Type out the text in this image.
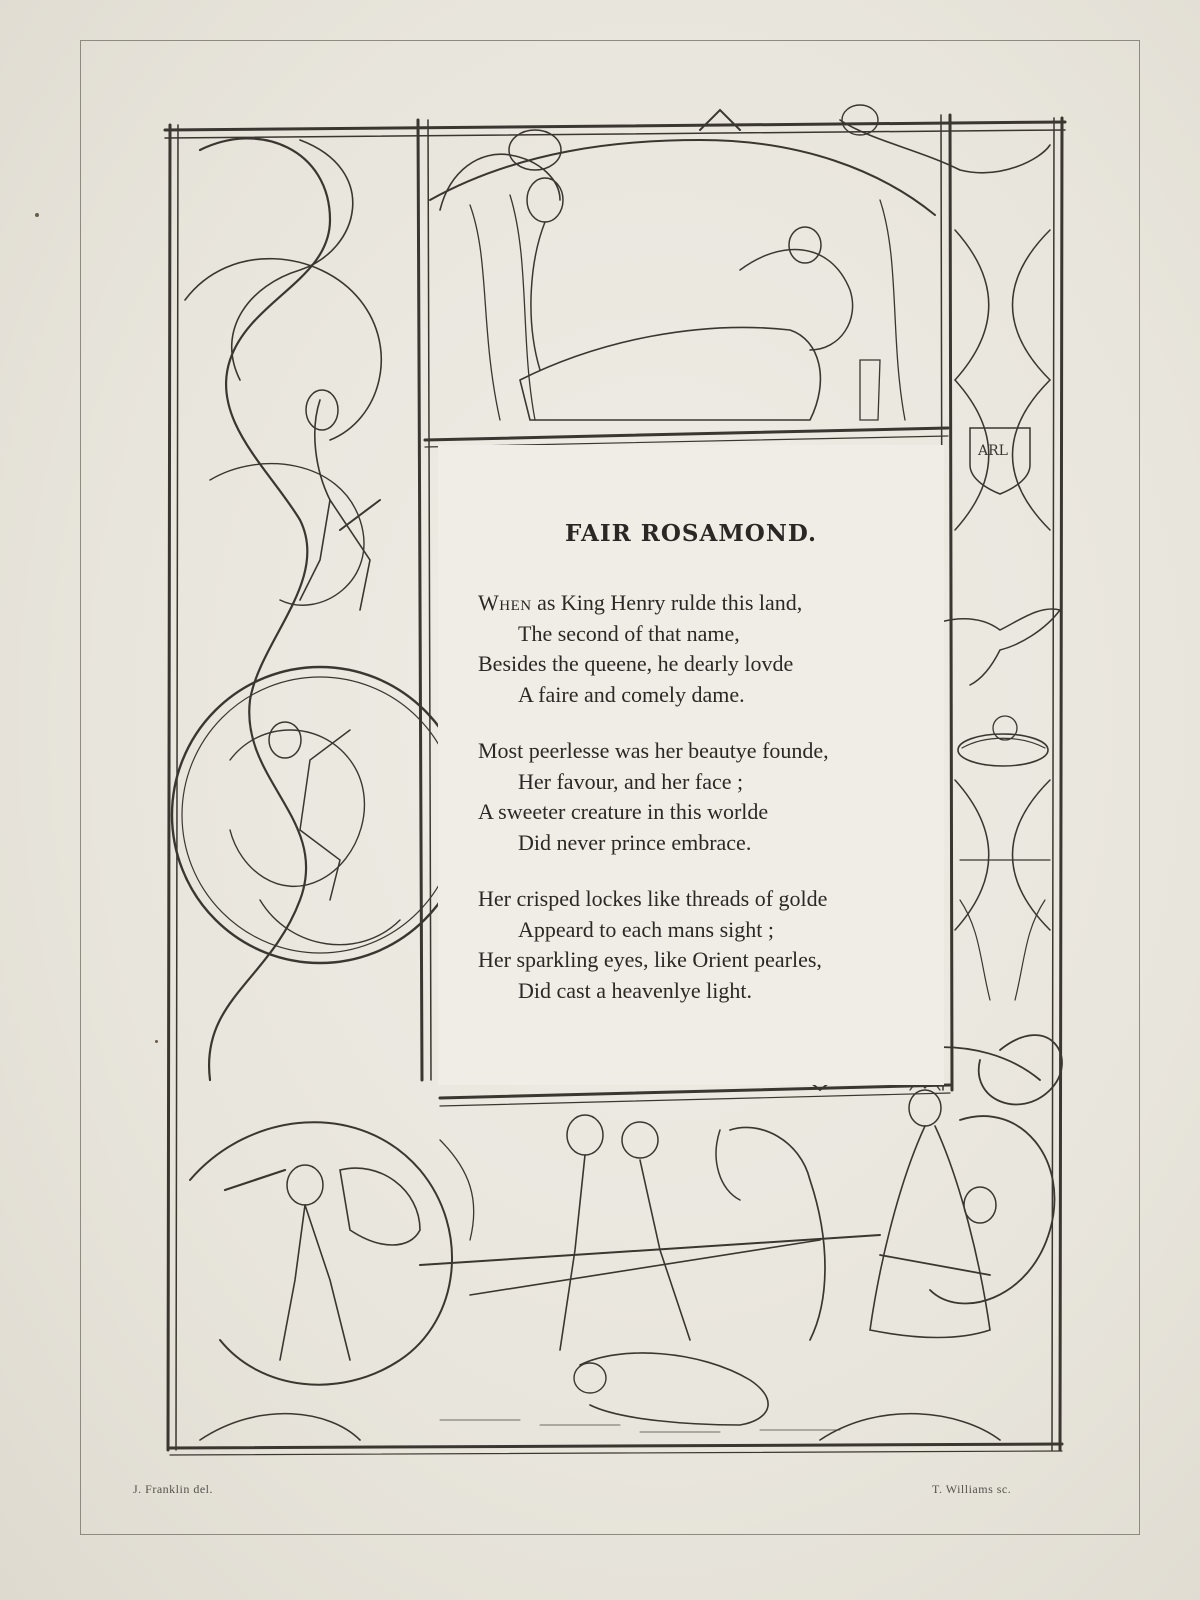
ARL
FAIR ROSAMOND.
When as King Henry rulde this land,
The second of that name,
Besides the queene, he dearly lovde
A faire and comely dame.
Most peerlesse was her beautye founde,
Her favour, and her face ;
A sweeter creature in this worlde
Did never prince embrace.
Her crisped lockes like threads of golde
Appeard to each mans sight ;
Her sparkling eyes, like Orient pearles,
Did cast a heavenlye light.
J. Franklin del.	T. Williams sc.
